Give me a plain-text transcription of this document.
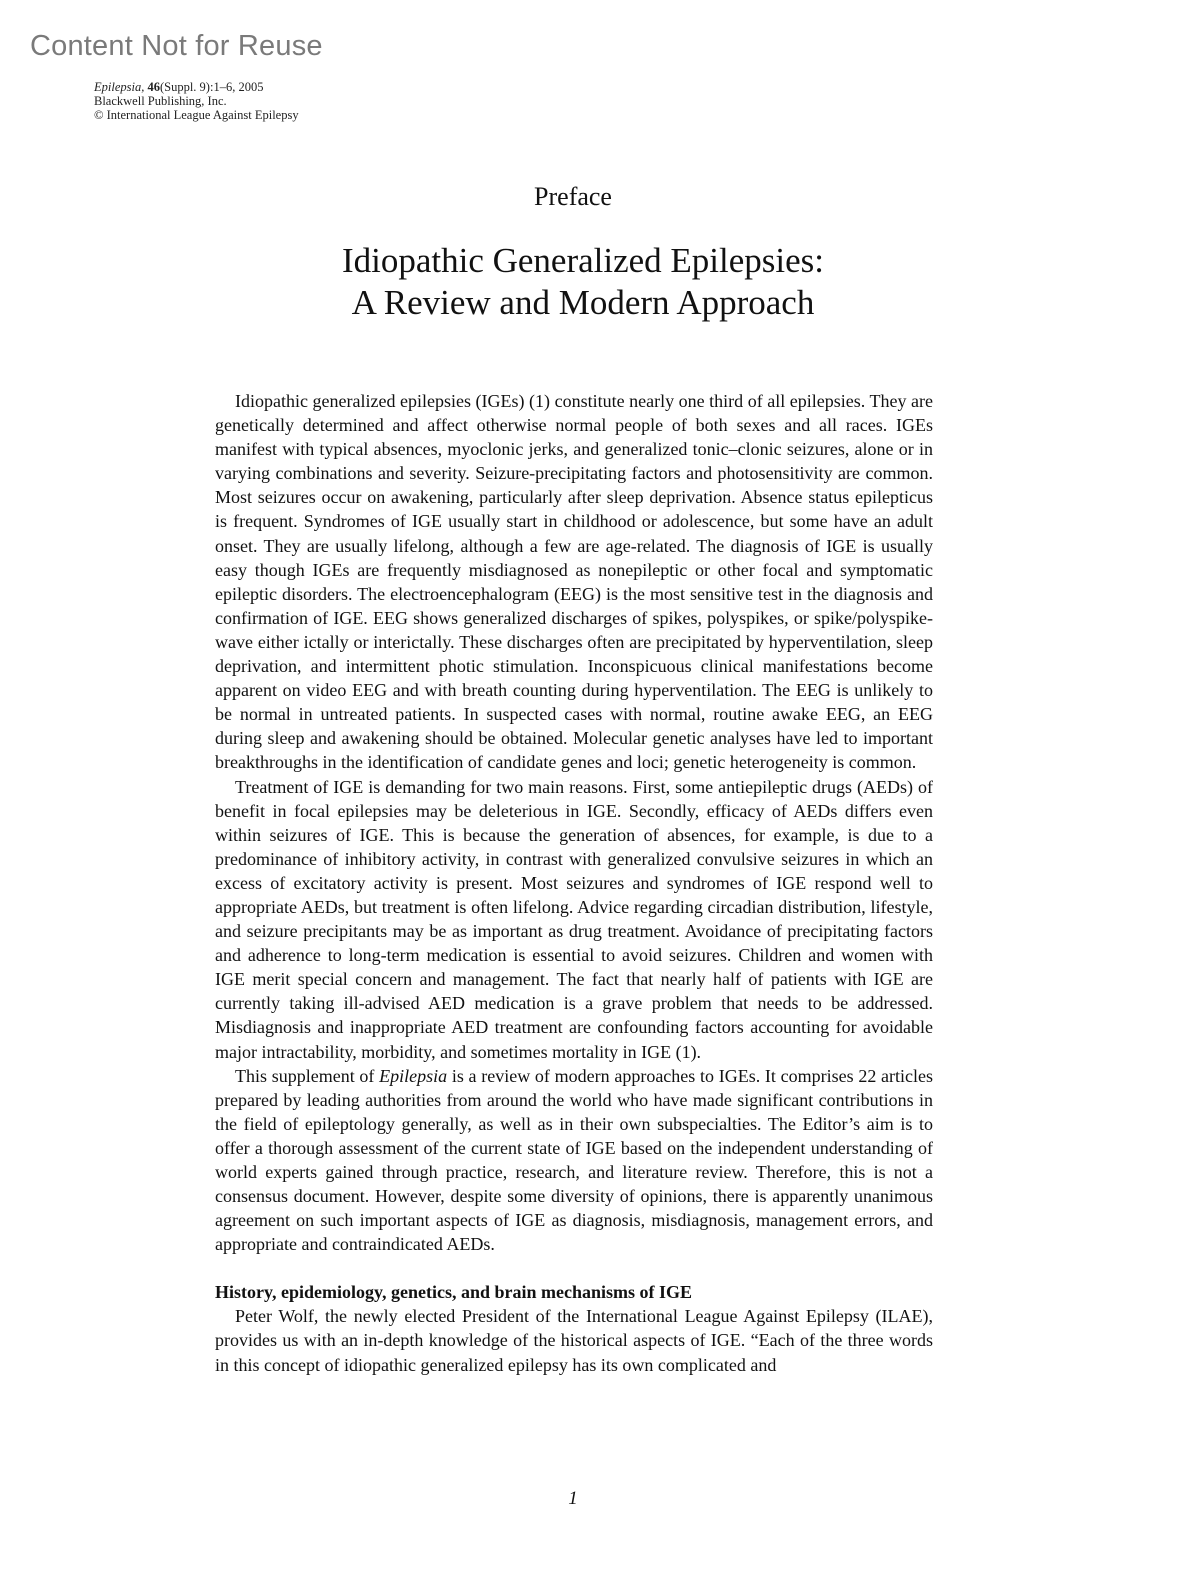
Content Not for Reuse
Epilepsia, 46(Suppl. 9):1–6, 2005
Blackwell Publishing, Inc.
© International League Against Epilepsy
Preface
Idiopathic Generalized Epilepsies:
A Review and Modern Approach

Idiopathic generalized epilepsies (IGEs) (1) constitute nearly one third of all epilepsies. They are genetically determined and affect otherwise normal people of both sexes and all races. IGEs manifest with typical absences, myoclonic jerks, and generalized tonic–clonic seizures, alone or in varying combinations and severity. Seizure-precipitating factors and photosensitivity are common. Most seizures occur on awakening, particularly after sleep deprivation. Absence status epilepticus is frequent. Syndromes of IGE usually start in childhood or adolescence, but some have an adult onset. They are usually lifelong, although a few are age-related. The diagnosis of IGE is usually easy though IGEs are frequently misdiagnosed as nonepileptic or other focal and symptomatic epileptic disorders. The electroencephalogram (EEG) is the most sensitive test in the diagnosis and confirmation of IGE. EEG shows generalized discharges of spikes, polyspikes, or spike/polyspike-wave either ictally or interictally. These discharges often are precipitated by hyperventilation, sleep deprivation, and intermittent photic stimulation. Inconspicuous clinical manifestations become apparent on video EEG and with breath counting during hyperventilation. The EEG is unlikely to be normal in untreated patients. In suspected cases with normal, routine awake EEG, an EEG during sleep and awakening should be obtained. Molecular genetic analyses have led to important breakthroughs in the identification of candidate genes and loci; genetic heterogeneity is common.

Treatment of IGE is demanding for two main reasons. First, some antiepileptic drugs (AEDs) of benefit in focal epilepsies may be deleterious in IGE. Secondly, efficacy of AEDs differs even within seizures of IGE. This is because the generation of absences, for example, is due to a predominance of inhibitory activity, in contrast with generalized convulsive seizures in which an excess of excitatory activity is present. Most seizures and syndromes of IGE respond well to appropriate AEDs, but treatment is often lifelong. Advice regarding circadian distribution, lifestyle, and seizure precipitants may be as important as drug treatment. Avoidance of precipitating factors and adherence to long-term medication is essential to avoid seizures. Children and women with IGE merit special concern and management. The fact that nearly half of patients with IGE are currently taking ill-advised AED medication is a grave problem that needs to be addressed. Misdiagnosis and inappropriate AED treatment are confounding factors accounting for avoidable major intractability, morbidity, and sometimes mortality in IGE (1).

This supplement of Epilepsia is a review of modern approaches to IGEs. It comprises 22 articles prepared by leading authorities from around the world who have made significant contributions in the field of epileptology generally, as well as in their own subspecialties. The Editor’s aim is to offer a thorough assessment of the current state of IGE based on the independent understanding of world experts gained through practice, research, and literature review. Therefore, this is not a consensus document. However, despite some diversity of opinions, there is apparently unanimous agreement on such important aspects of IGE as diagnosis, misdiagnosis, management errors, and appropriate and contraindicated AEDs.

History, epidemiology, genetics, and brain mechanisms of IGE

Peter Wolf, the newly elected President of the International League Against Epilepsy (ILAE), provides us with an in-depth knowledge of the historical aspects of IGE. “Each of the three words in this concept of idiopathic generalized epilepsy has its own complicated and

1
